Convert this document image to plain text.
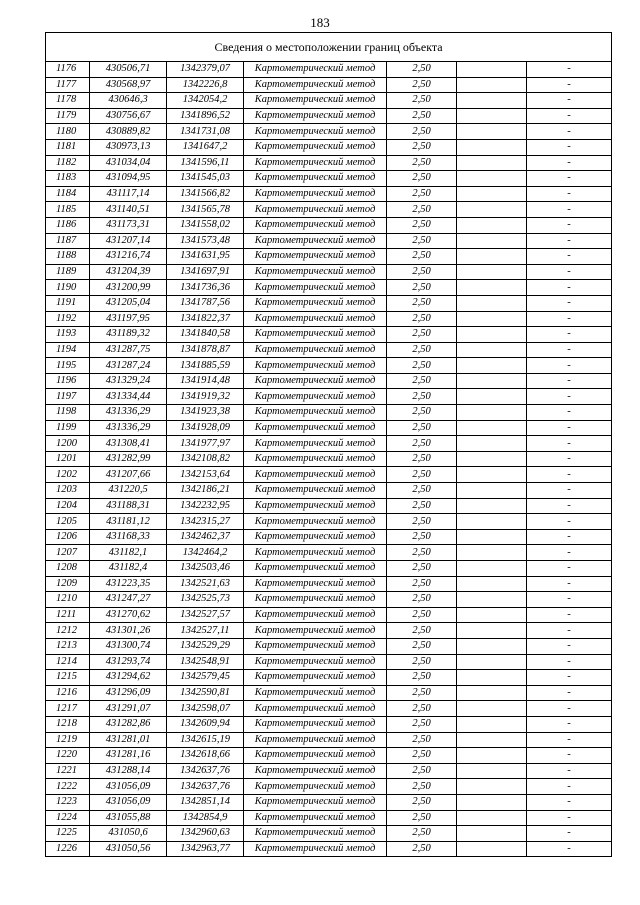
183
Сведения о местоположении границ объекта						
1176	430506,71	1342379,07	Картометрический метод	2,50		-
1177	430568,97	1342226,8	Картометрический метод	2,50		-
1178	430646,3	1342054,2	Картометрический метод	2,50		-
1179	430756,67	1341896,52	Картометрический метод	2,50		-
1180	430889,82	1341731,08	Картометрический метод	2,50		-
1181	430973,13	1341647,2	Картометрический метод	2,50		-
1182	431034,04	1341596,11	Картометрический метод	2,50		-
1183	431094,95	1341545,03	Картометрический метод	2,50		-
1184	431117,14	1341566,82	Картометрический метод	2,50		-
1185	431140,51	1341565,78	Картометрический метод	2,50		-
1186	431173,31	1341558,02	Картометрический метод	2,50		-
1187	431207,14	1341573,48	Картометрический метод	2,50		-
1188	431216,74	1341631,95	Картометрический метод	2,50		-
1189	431204,39	1341697,91	Картометрический метод	2,50		-
1190	431200,99	1341736,36	Картометрический метод	2,50		-
1191	431205,04	1341787,56	Картометрический метод	2,50		-
1192	431197,95	1341822,37	Картометрический метод	2,50		-
1193	431189,32	1341840,58	Картометрический метод	2,50		-
1194	431287,75	1341878,87	Картометрический метод	2,50		-
1195	431287,24	1341885,59	Картометрический метод	2,50		-
1196	431329,24	1341914,48	Картометрический метод	2,50		-
1197	431334,44	1341919,32	Картометрический метод	2,50		-
1198	431336,29	1341923,38	Картометрический метод	2,50		-
1199	431336,29	1341928,09	Картометрический метод	2,50		-
1200	431308,41	1341977,97	Картометрический метод	2,50		-
1201	431282,99	1342108,82	Картометрический метод	2,50		-
1202	431207,66	1342153,64	Картометрический метод	2,50		-
1203	431220,5	1342186,21	Картометрический метод	2,50		-
1204	431188,31	1342232,95	Картометрический метод	2,50		-
1205	431181,12	1342315,27	Картометрический метод	2,50		-
1206	431168,33	1342462,37	Картометрический метод	2,50		-
1207	431182,1	1342464,2	Картометрический метод	2,50		-
1208	431182,4	1342503,46	Картометрический метод	2,50		-
1209	431223,35	1342521,63	Картометрический метод	2,50		-
1210	431247,27	1342525,73	Картометрический метод	2,50		-
1211	431270,62	1342527,57	Картометрический метод	2,50		-
1212	431301,26	1342527,11	Картометрический метод	2,50		-
1213	431300,74	1342529,29	Картометрический метод	2,50		-
1214	431293,74	1342548,91	Картометрический метод	2,50		-
1215	431294,62	1342579,45	Картометрический метод	2,50		-
1216	431296,09	1342590,81	Картометрический метод	2,50		-
1217	431291,07	1342598,07	Картометрический метод	2,50		-
1218	431282,86	1342609,94	Картометрический метод	2,50		-
1219	431281,01	1342615,19	Картометрический метод	2,50		-
1220	431281,16	1342618,66	Картометрический метод	2,50		-
1221	431288,14	1342637,76	Картометрический метод	2,50		-
1222	431056,09	1342637,76	Картометрический метод	2,50		-
1223	431056,09	1342851,14	Картометрический метод	2,50		-
1224	431055,88	1342854,9	Картометрический метод	2,50		-
1225	431050,6	1342960,63	Картометрический метод	2,50		-
1226	431050,56	1342963,77	Картометрический метод	2,50		-
